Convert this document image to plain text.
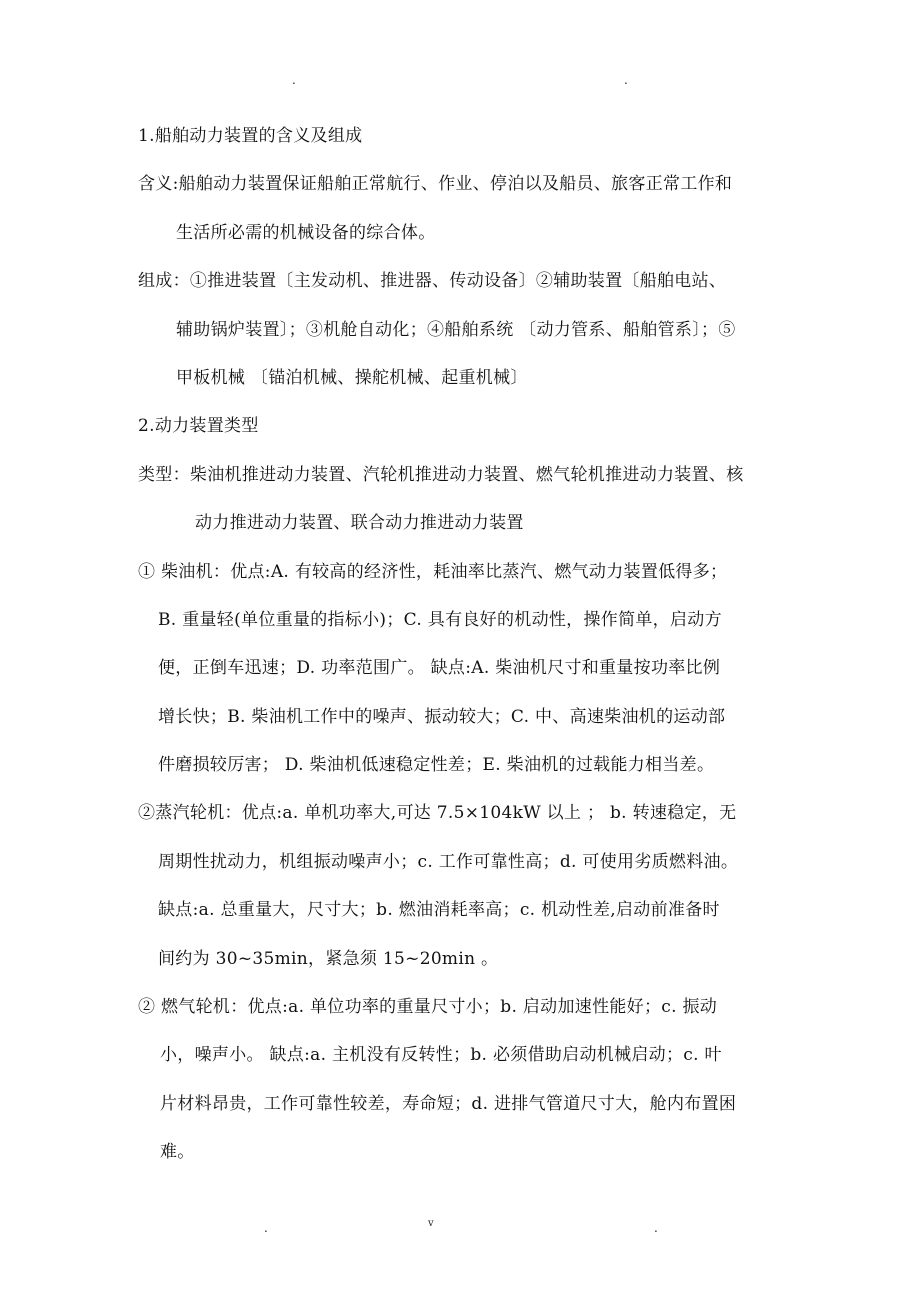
.	.
1.船舶动力装置的含义及组成
含义:船舶动力装置保证船舶正常航行、作业、停泊以及船员、旅客正常工作和
生活所必需的机械设备的综合体。
组成：①推进装置〔主发动机、推进器、传动设备〕②辅助装置〔船舶电站、
辅助锅炉装置〕；③机舱自动化；④船舶系统 〔动力管系、船舶管系〕；⑤
甲板机械 〔锚泊机械、操舵机械、起重机械〕
2.动力装置类型
类型：柴油机推进动力装置、汽轮机推进动力装置、燃气轮机推进动力装置、核
动力推进动力装置、联合动力推进动力装置
① 柴油机：优点:A. 有较高的经济性，耗油率比蒸汽、燃气动力装置低得多；
B. 重量轻(单位重量的指标小)；C. 具有良好的机动性，操作简单，启动方
便，正倒车迅速；D. 功率范围广。 缺点:A. 柴油机尺寸和重量按功率比例
增长快；B. 柴油机工作中的噪声、振动较大；C. 中、高速柴油机的运动部
件磨损较厉害； D. 柴油机低速稳定性差；E. 柴油机的过载能力相当差。
②蒸汽轮机：优点:a. 单机功率大,可达 7.5×104kW 以上 ； b. 转速稳定，无
周期性扰动力，机组振动噪声小；c. 工作可靠性高；d. 可使用劣质燃料油。
缺点:a. 总重量大，尺寸大；b. 燃油消耗率高；c. 机动性差,启动前准备时
间约为 30~35min，紧急须 15~20min 。
② 燃气轮机：优点:a. 单位功率的重量尺寸小；b. 启动加速性能好；c. 振动
小，噪声小。 缺点:a. 主机没有反转性；b. 必须借助启动机械启动；c. 叶
片材料昂贵，工作可靠性较差，寿命短；d. 进排气管道尺寸大，舱内布置困
难。
.	v	.
